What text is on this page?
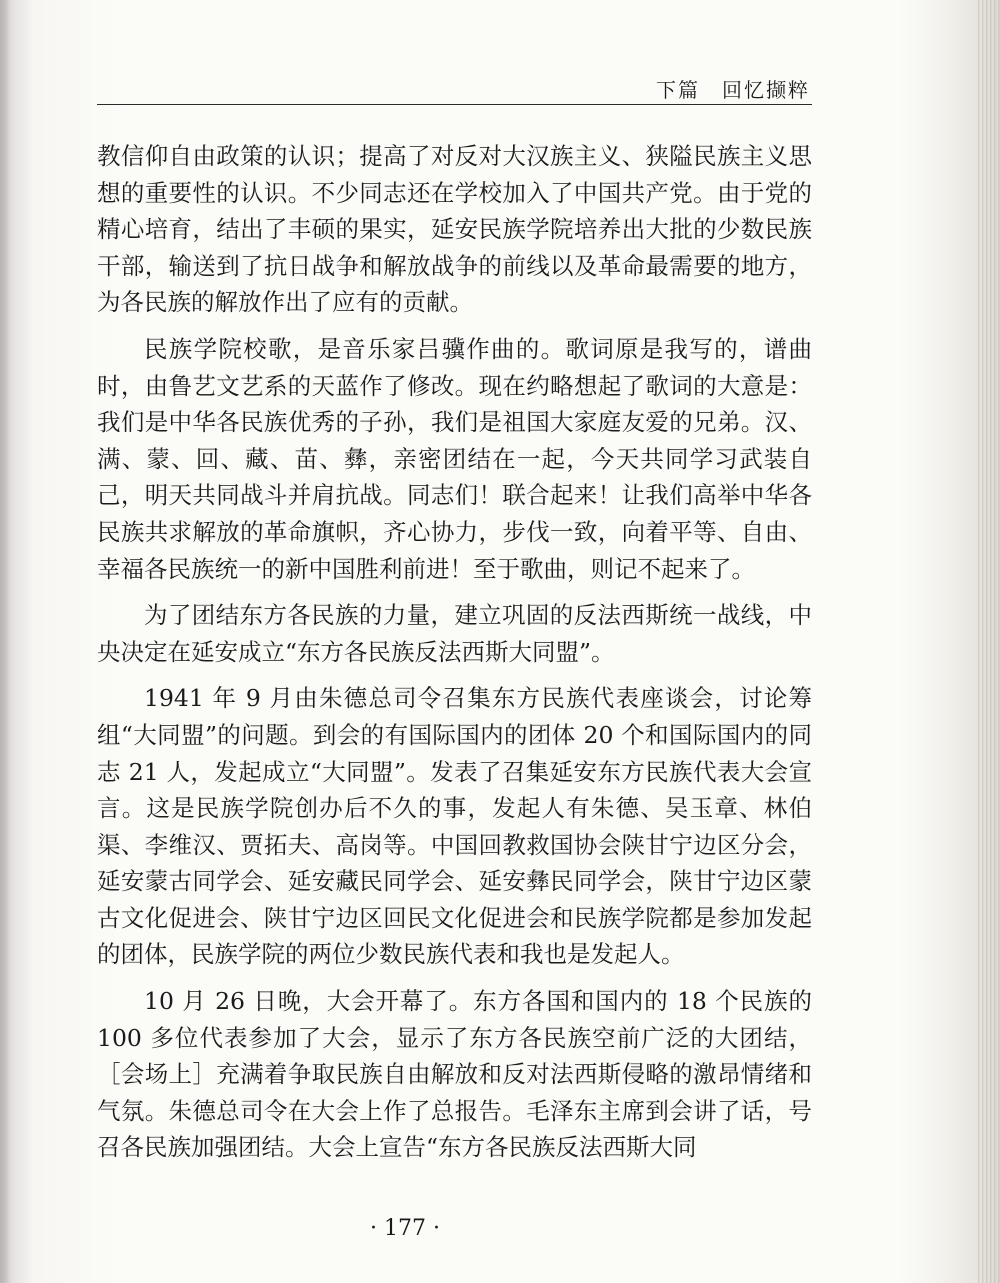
下篇 回忆撷粹

教信仰自由政策的认识；提高了对反对大汉族主义、狭隘民族主义思想的重要性的认识。不少同志还在学校加入了中国共产党。由于党的精心培育，结出了丰硕的果实，延安民族学院培养出大批的少数民族干部，输送到了抗日战争和解放战争的前线以及革命最需要的地方，为各民族的解放作出了应有的贡献。

民族学院校歌，是音乐家吕骥作曲的。歌词原是我写的，谱曲时，由鲁艺文艺系的天蓝作了修改。现在约略想起了歌词的大意是：我们是中华各民族优秀的子孙，我们是祖国大家庭友爱的兄弟。汉、满、蒙、回、藏、苗、彝，亲密团结在一起，今天共同学习武装自己，明天共同战斗并肩抗战。同志们！联合起来！让我们高举中华各民族共求解放的革命旗帜，齐心协力，步伐一致，向着平等、自由、幸福各民族统一的新中国胜利前进！至于歌曲，则记不起来了。

为了团结东方各民族的力量，建立巩固的反法西斯统一战线，中央决定在延安成立“东方各民族反法西斯大同盟”。

1941 年 9 月由朱德总司令召集东方民族代表座谈会，讨论筹组“大同盟”的问题。到会的有国际国内的团体 20 个和国际国内的同志 21 人，发起成立“大同盟”。发表了召集延安东方民族代表大会宣言。这是民族学院创办后不久的事，发起人有朱德、吴玉章、林伯渠、李维汉、贾拓夫、高岗等。中国回教救国协会陕甘宁边区分会，延安蒙古同学会、延安藏民同学会、延安彝民同学会，陕甘宁边区蒙古文化促进会、陕甘宁边区回民文化促进会和民族学院都是参加发起的团体，民族学院的两位少数民族代表和我也是发起人。

10 月 26 日晚，大会开幕了。东方各国和国内的 18 个民族的 100 多位代表参加了大会，显示了东方各民族空前广泛的大团结，［会场上］充满着争取民族自由解放和反对法西斯侵略的激昂情绪和气氛。朱德总司令在大会上作了总报告。毛泽东主席到会讲了话，号召各民族加强团结。大会上宣告“东方各民族反法西斯大同

· 177 ·
